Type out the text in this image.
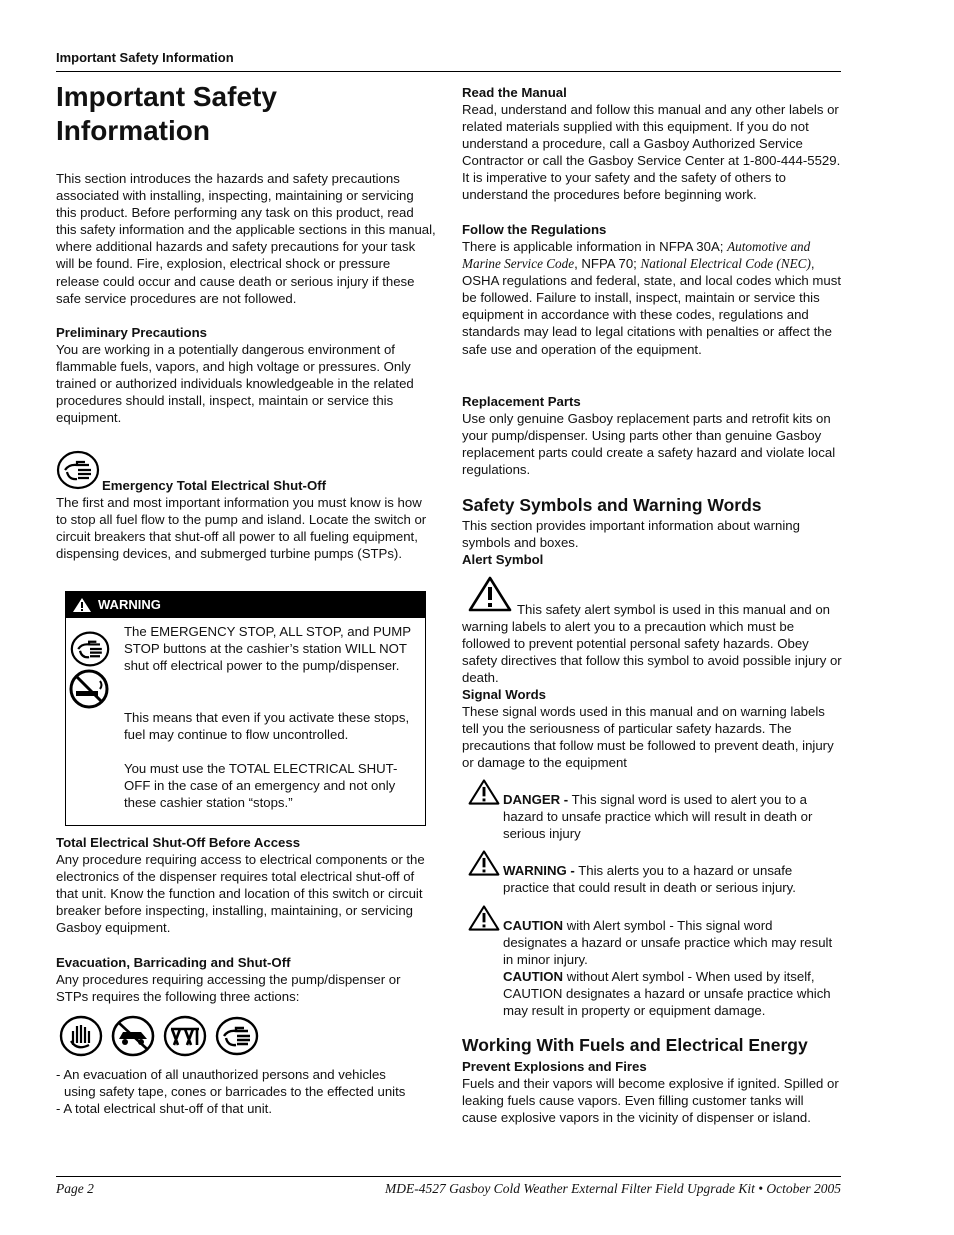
Important Safety Information
Important Safety
Information

This section introduces the hazards and safety precautions associated with installing, inspecting, maintaining or servicing this product. Before performing any task on this product, read this safety information and the applicable sections in this manual, where additional hazards and safety precautions for your task will be found. Fire, explosion, electrical shock or pressure release could occur and cause death or serious injury if these safe service procedures are not followed.

Preliminary Precautions

You are working in a potentially dangerous environment of flammable fuels, vapors, and high voltage or pressures. Only trained or authorized individuals knowledgeable in the related procedures should install, inspect, maintain or service this equipment.

Emergency Total Electrical Shut-Off

The first and most important information you must know is how to stop all fuel flow to the pump and island. Locate the switch or circuit breakers that shut-off all power to all fueling equipment, dispensing devices, and submerged turbine pumps (STPs).

WARNING

The EMERGENCY STOP, ALL STOP, and PUMP STOP buttons at the cashier’s station WILL NOT shut off electrical power to the pump/dispenser.

This means that even if you activate these stops, fuel may continue to flow uncontrolled.

You must use the TOTAL ELECTRICAL SHUT-OFF in the case of an emergency and not only these cashier station “stops.”

Total Electrical Shut-Off Before Access

Any procedure requiring access to electrical components or the electronics of the dispenser requires total electrical shut-off of that unit. Know the function and location of this switch or circuit breaker before inspecting, installing, maintaining, or servicing Gasboy equipment.

Evacuation, Barricading and Shut-Off

Any procedures requiring accessing the pump/dispenser or STPs requires the following three actions:

- An evacuation of all unauthorized persons and vehicles
using safety tape, cones or barricades to the effected units
- A total electrical shut-off of that unit.
Read the Manual

Read, understand and follow this manual and any other labels or related materials supplied with this equipment. If you do not understand a procedure, call a Gasboy Authorized Service Contractor or call the Gasboy Service Center at 1-800-444-5529. It is imperative to your safety and the safety of others to understand the procedures before beginning work.

Follow the Regulations

There is applicable information in NFPA 30A; Automotive and Marine Service Code, NFPA 70; National Electrical Code (NEC), OSHA regulations and federal, state, and local codes which must be followed. Failure to install, inspect, maintain or service this equipment in accordance with these codes, regulations and standards may lead to legal citations with penalties or affect the safe use and operation of the equipment.

Replacement Parts

Use only genuine Gasboy replacement parts and retrofit kits on your pump/dispenser. Using parts other than genuine Gasboy replacement parts could create a safety hazard and violate local regulations.

Safety Symbols and Warning Words

This section provides important information about warning symbols and boxes.

Alert Symbol

This safety alert symbol is used in this manual and on warning labels to alert you to a precaution which must be followed to prevent potential personal safety hazards. Obey safety directives that follow this symbol to avoid possible injury or death.

Signal Words

These signal words used in this manual and on warning labels tell you the seriousness of particular safety hazards. The precautions that follow must be followed to prevent death, injury or damage to the equipment

DANGER - This signal word is used to alert you to a hazard to unsafe practice which will result in death or serious injury

WARNING - This alerts you to a hazard or unsafe practice that could result in death or serious injury.

CAUTION with Alert symbol - This signal word designates a hazard or unsafe practice which may result in minor injury.

CAUTION without Alert symbol - When used by itself, CAUTION designates a hazard or unsafe practice which may result in property or equipment damage.

Working With Fuels and Electrical Energy
Prevent Explosions and Fires

Fuels and their vapors will become explosive if ignited. Spilled or leaking fuels cause vapors. Even filling customer tanks will cause explosive vapors in the vicinity of dispenser or island.

Page 2	MDE-4527 Gasboy Cold Weather External Filter Field Upgrade Kit • October 2005
